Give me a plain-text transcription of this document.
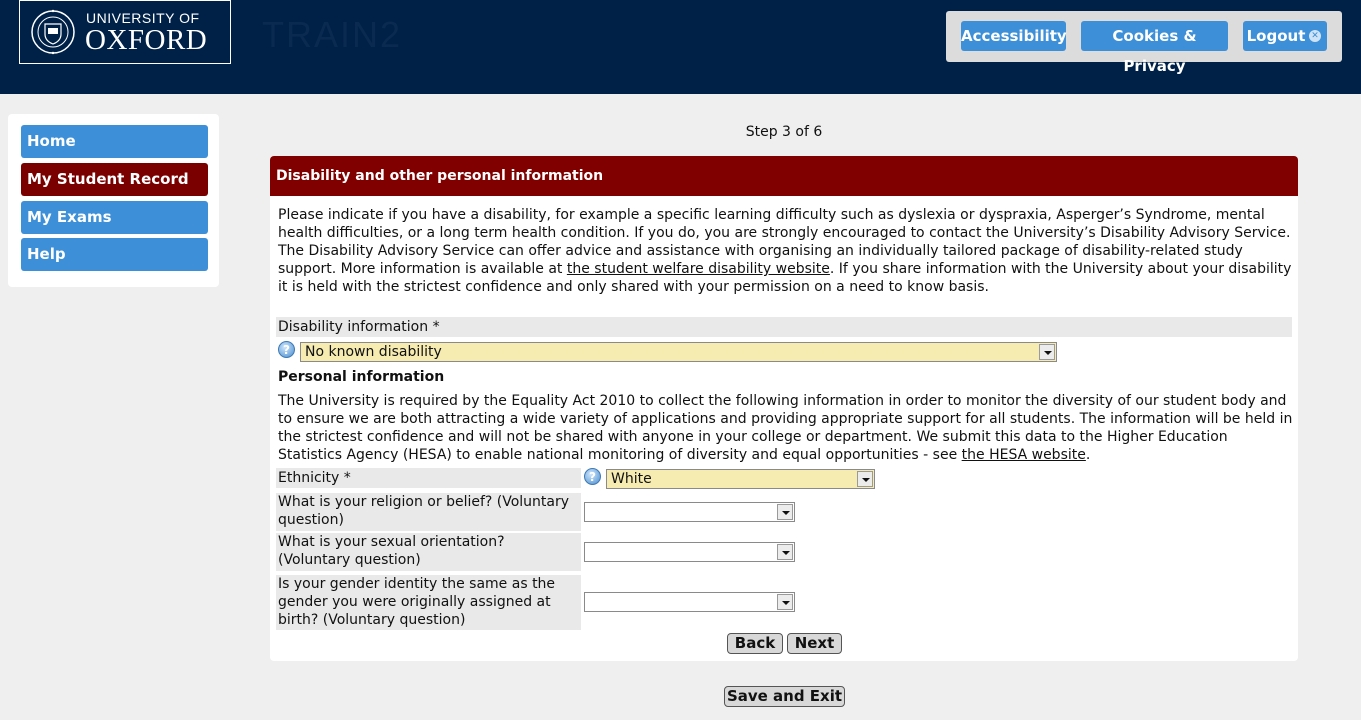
UNIVERSITY OF
OXFORD TRAIN2	Accessibility	Cookies & Privacy
Logout ✕
Home
My Student Record
My Exams
Help
Step 3 of 6
Disability and other personal information
Please indicate if you have a disability, for example a specific learning difficulty such as dyslexia or dyspraxia, Asperger’s Syndrome, mental health difficulties, or a long term health condition. If you do, you are strongly encouraged to contact the University’s Disability Advisory Service. The Disability Advisory Service can offer advice and assistance with organising an individually tailored package of disability-related study support. More information is available at the student welfare disability website. If you share information with the University about your disability it is held with the strictest confidence and only shared with your permission on a need to know basis.
Disability information *
?	No known disability
Personal information
The University is required by the Equality Act 2010 to collect the following information in order to monitor the diversity of our student body and to ensure we are both attracting a wide variety of applications and providing appropriate support for all students. The information will be held in the strictest confidence and will not be shared with anyone in your college or department. We submit this data to the Higher Education Statistics Agency (HESA) to enable national monitoring of diversity and equal opportunities - see the HESA website.
Ethnicity *	?	White
What is your religion or belief? (Voluntary question)
What is your sexual orientation? (Voluntary question)
Is your gender identity the same as the gender you were originally assigned at birth? (Voluntary question)
Back	Next
Save and Exit
